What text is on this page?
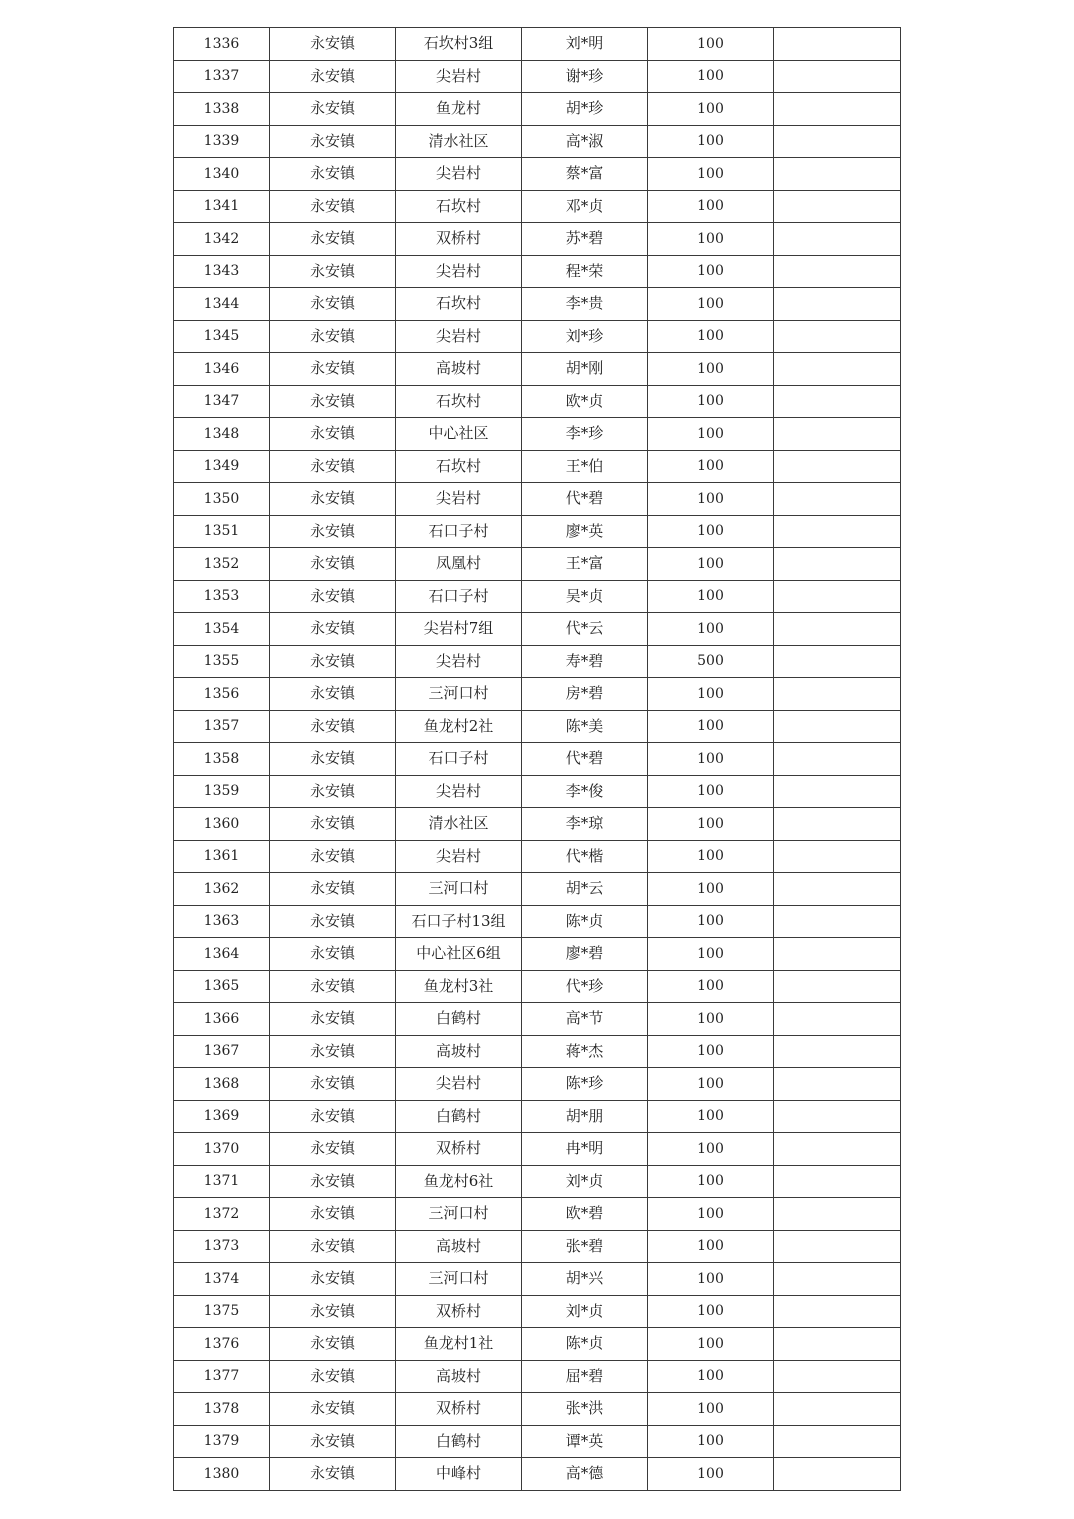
1336	永安镇	石坎村3组	刘*明	100	
1337	永安镇	尖岩村	谢*珍	100	
1338	永安镇	鱼龙村	胡*珍	100	
1339	永安镇	清水社区	高*淑	100	
1340	永安镇	尖岩村	蔡*富	100	
1341	永安镇	石坎村	邓*贞	100	
1342	永安镇	双桥村	苏*碧	100	
1343	永安镇	尖岩村	程*荣	100	
1344	永安镇	石坎村	李*贵	100	
1345	永安镇	尖岩村	刘*珍	100	
1346	永安镇	高坡村	胡*刚	100	
1347	永安镇	石坎村	欧*贞	100	
1348	永安镇	中心社区	李*珍	100	
1349	永安镇	石坎村	王*伯	100	
1350	永安镇	尖岩村	代*碧	100	
1351	永安镇	石口子村	廖*英	100	
1352	永安镇	凤凰村	王*富	100	
1353	永安镇	石口子村	吴*贞	100	
1354	永安镇	尖岩村7组	代*云	100	
1355	永安镇	尖岩村	寿*碧	500	
1356	永安镇	三河口村	房*碧	100	
1357	永安镇	鱼龙村2社	陈*美	100	
1358	永安镇	石口子村	代*碧	100	
1359	永安镇	尖岩村	李*俊	100	
1360	永安镇	清水社区	李*琼	100	
1361	永安镇	尖岩村	代*楷	100	
1362	永安镇	三河口村	胡*云	100	
1363	永安镇	石口子村13组	陈*贞	100	
1364	永安镇	中心社区6组	廖*碧	100	
1365	永安镇	鱼龙村3社	代*珍	100	
1366	永安镇	白鹤村	高*节	100	
1367	永安镇	高坡村	蒋*杰	100	
1368	永安镇	尖岩村	陈*珍	100	
1369	永安镇	白鹤村	胡*朋	100	
1370	永安镇	双桥村	冉*明	100	
1371	永安镇	鱼龙村6社	刘*贞	100	
1372	永安镇	三河口村	欧*碧	100	
1373	永安镇	高坡村	张*碧	100	
1374	永安镇	三河口村	胡*兴	100	
1375	永安镇	双桥村	刘*贞	100	
1376	永安镇	鱼龙村1社	陈*贞	100	
1377	永安镇	高坡村	屈*碧	100	
1378	永安镇	双桥村	张*洪	100	
1379	永安镇	白鹤村	谭*英	100	
1380	永安镇	中峰村	高*德	100	
